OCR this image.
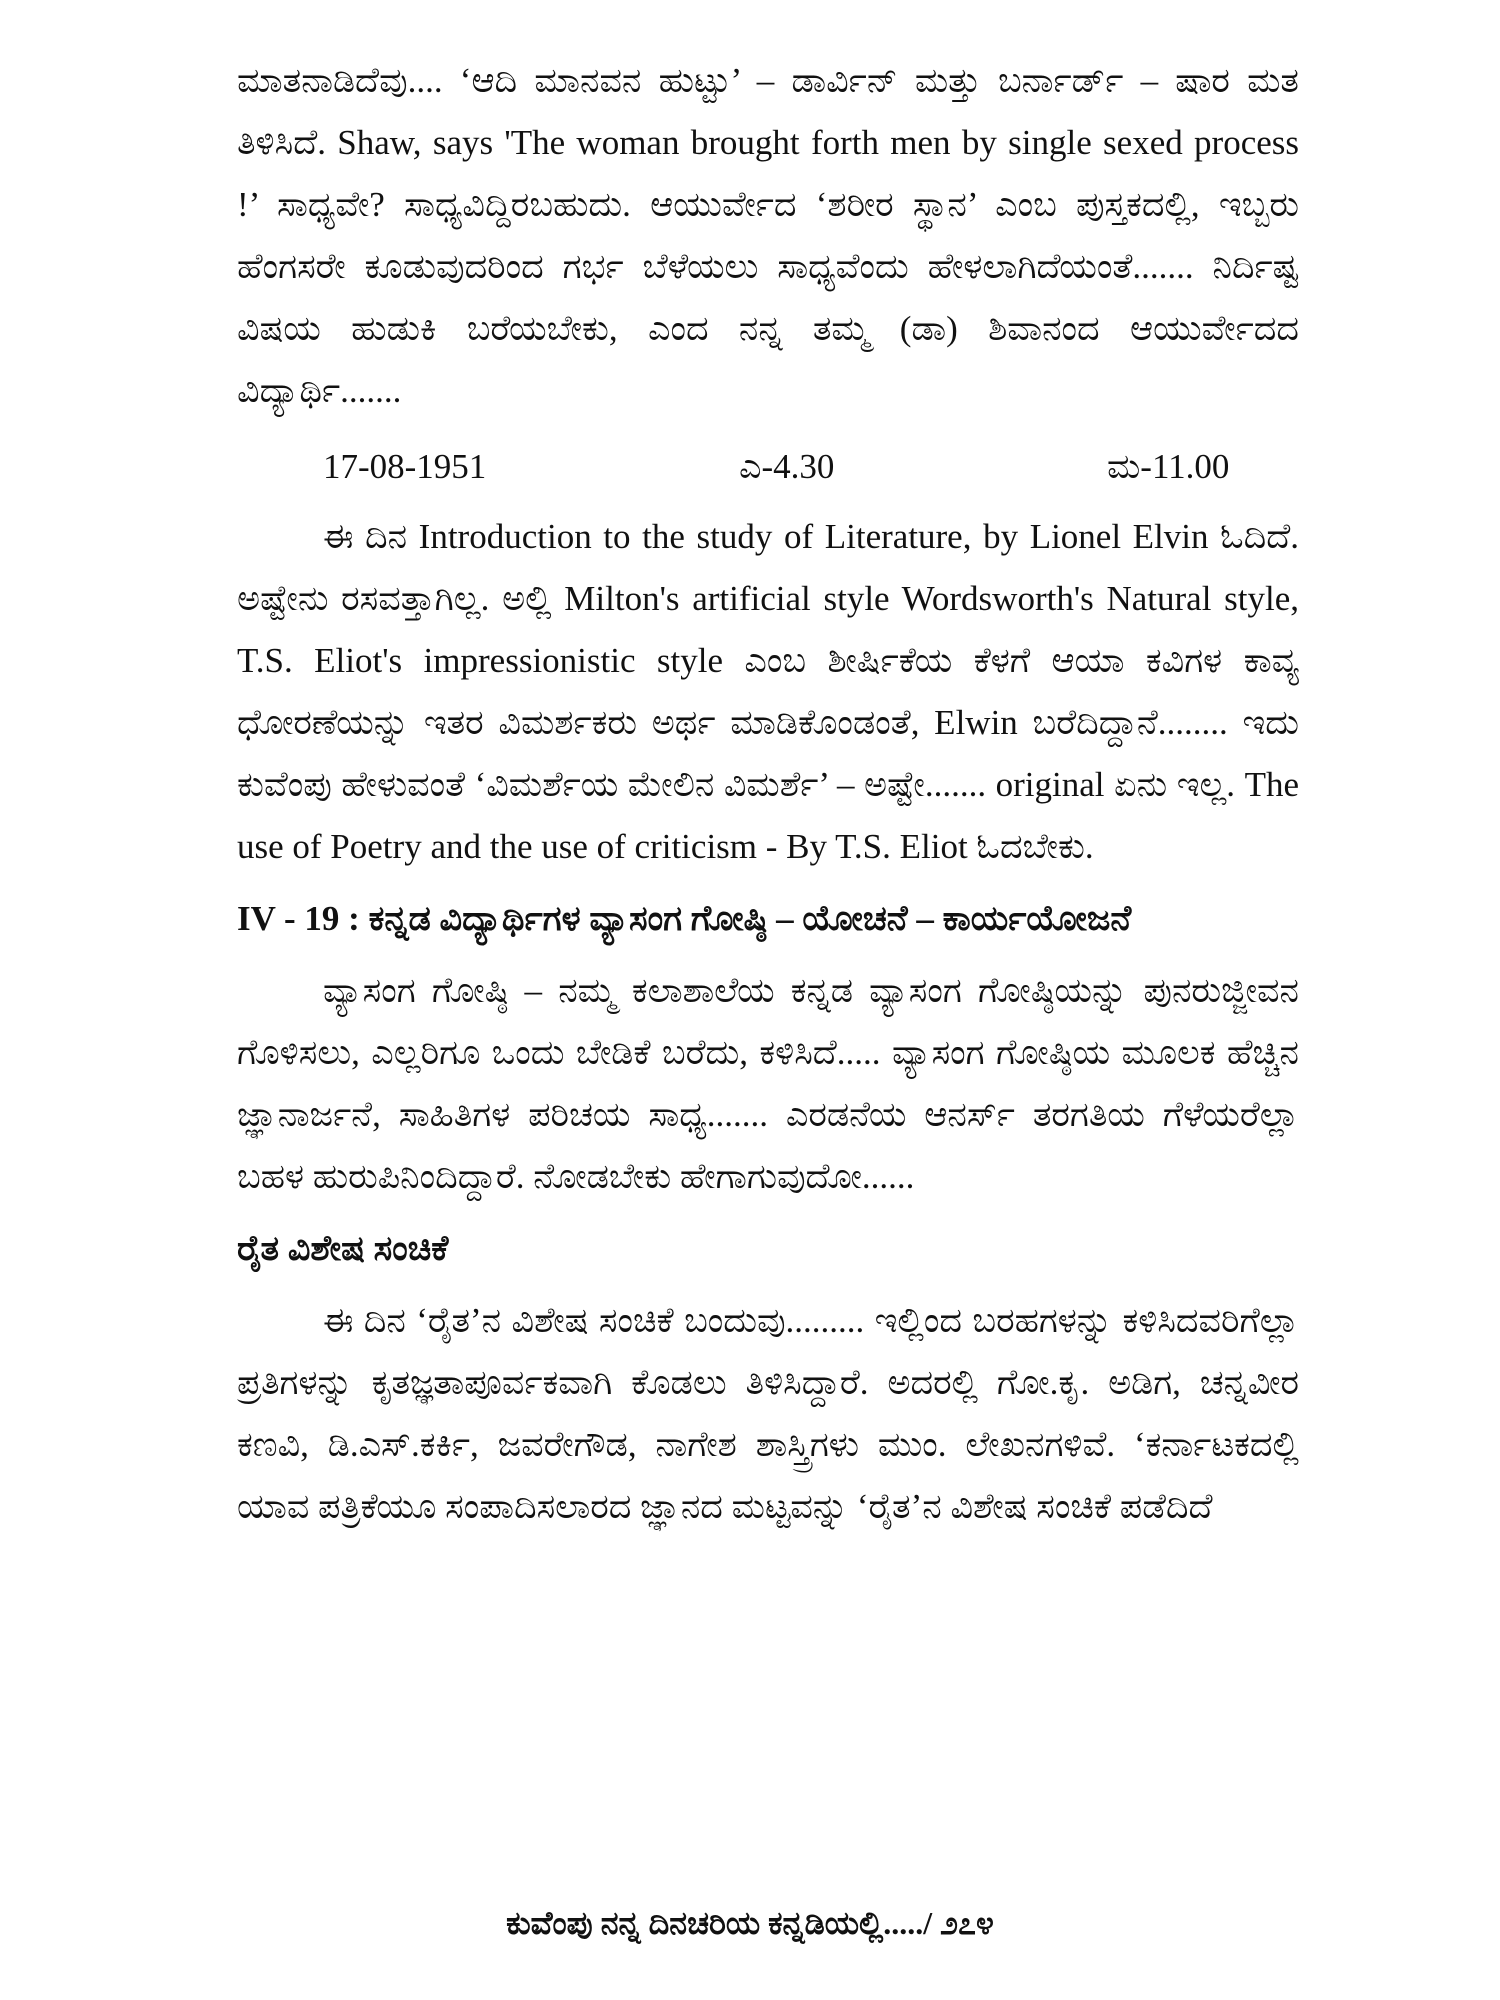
ಮಾತನಾಡಿದೆವು.... ‘ಆದಿ ಮಾನವನ ಹುಟ್ಟು’ – ಡಾರ್ವಿನ್ ಮತ್ತು ಬರ್ನಾರ್ಡ್ – ಷಾರ ಮತ ತಿಳಿಸಿದೆ. Shaw, says 'The woman brought forth men by single sexed process !’ ಸಾಧ್ಯವೇ? ಸಾಧ್ಯವಿದ್ದಿರಬಹುದು. ಆಯುರ್ವೇದ ‘ಶರೀರ ಸ್ಥಾನ’ ಎಂಬ ಪುಸ್ತಕದಲ್ಲಿ, ಇಬ್ಬರು ಹೆಂಗಸರೇ ಕೂಡುವುದರಿಂದ ಗರ್ಭ ಬೆಳೆಯಲು ಸಾಧ್ಯವೆಂದು ಹೇಳಲಾಗಿದೆಯಂತೆ....... ನಿರ್ದಿಷ್ಟ ವಿಷಯ ಹುಡುಕಿ ಬರೆಯಬೇಕು, ಎಂದ ನನ್ನ ತಮ್ಮ (ಡಾ) ಶಿವಾನಂದ ಆಯುರ್ವೇದದ ವಿದ್ಯಾರ್ಥಿ.......

17-08-1951	ಎ-4.30	ಮ-11.00

ಈ ದಿನ Introduction to the study of Literature, by Lionel Elvin ಓದಿದೆ. ಅಷ್ಟೇನು ರಸವತ್ತಾಗಿಲ್ಲ. ಅಲ್ಲಿ Milton's artificial style Wordsworth's Natural style, T.S. Eliot's impressionistic style ಎಂಬ ಶೀರ್ಷಿಕೆಯ ಕೆಳಗೆ ಆಯಾ ಕವಿಗಳ ಕಾವ್ಯ ಧೋರಣೆಯನ್ನು ಇತರ ವಿಮರ್ಶಕರು ಅರ್ಥ ಮಾಡಿಕೊಂಡಂತೆ, Elwin ಬರೆದಿದ್ದಾನೆ........ ಇದು ಕುವೆಂಪು ಹೇಳುವಂತೆ ‘ವಿಮರ್ಶೆಯ ಮೇಲಿನ ವಿಮರ್ಶೆ’ – ಅಷ್ಟೇ....... original ಏನು ಇಲ್ಲ. The use of Poetry and the use of criticism - By T.S. Eliot ಓದಬೇಕು.

IV - 19 : ಕನ್ನಡ ವಿದ್ಯಾರ್ಥಿಗಳ ವ್ಯಾಸಂಗ ಗೋಷ್ಠಿ – ಯೋಚನೆ – ಕಾರ್ಯಯೋಜನೆ

ವ್ಯಾಸಂಗ ಗೋಷ್ಠಿ – ನಮ್ಮ ಕಲಾಶಾಲೆಯ ಕನ್ನಡ ವ್ಯಾಸಂಗ ಗೋಷ್ಠಿಯನ್ನು ಪುನರುಜ್ಜೀವನ ಗೊಳಿಸಲು, ಎಲ್ಲರಿಗೂ ಒಂದು ಬೇಡಿಕೆ ಬರೆದು, ಕಳಿಸಿದೆ..... ವ್ಯಾಸಂಗ ಗೋಷ್ಠಿಯ ಮೂಲಕ ಹೆಚ್ಚಿನ ಜ್ಞಾನಾರ್ಜನೆ, ಸಾಹಿತಿಗಳ ಪರಿಚಯ ಸಾಧ್ಯ....... ಎರಡನೆಯ ಆನರ್ಸ್ ತರಗತಿಯ ಗೆಳೆಯರೆಲ್ಲಾ ಬಹಳ ಹುರುಪಿನಿಂದಿದ್ದಾರೆ. ನೋಡಬೇಕು ಹೇಗಾಗುವುದೋ......

ರೈತ ವಿಶೇಷ ಸಂಚಿಕೆ

ಈ ದಿನ ‘ರೈತ’ನ ವಿಶೇಷ ಸಂಚಿಕೆ ಬಂದುವು......... ಇಲ್ಲಿಂದ ಬರಹಗಳನ್ನು ಕಳಿಸಿದವರಿಗೆಲ್ಲಾ ಪ್ರತಿಗಳನ್ನು ಕೃತಜ್ಞತಾಪೂರ್ವಕವಾಗಿ ಕೊಡಲು ತಿಳಿಸಿದ್ದಾರೆ. ಅದರಲ್ಲಿ ಗೋ.ಕೃ. ಅಡಿಗ, ಚನ್ನವೀರ ಕಣವಿ, ಡಿ.ಎಸ್.ಕರ್ಕಿ, ಜವರೇಗೌಡ, ನಾಗೇಶ ಶಾಸ್ತ್ರಿಗಳು ಮುಂ. ಲೇಖನಗಳಿವೆ. ‘ಕರ್ನಾಟಕದಲ್ಲಿ ಯಾವ ಪತ್ರಿಕೆಯೂ ಸಂಪಾದಿಸಲಾರದ ಜ್ಞಾನದ ಮಟ್ಟವನ್ನು ‘ರೈತ’ನ ವಿಶೇಷ ಸಂಚಿಕೆ ಪಡೆದಿದೆ

ಕುವೆಂಪು ನನ್ನ ದಿನಚರಿಯ ಕನ್ನಡಿಯಲ್ಲಿ...../ ೨೭೪
